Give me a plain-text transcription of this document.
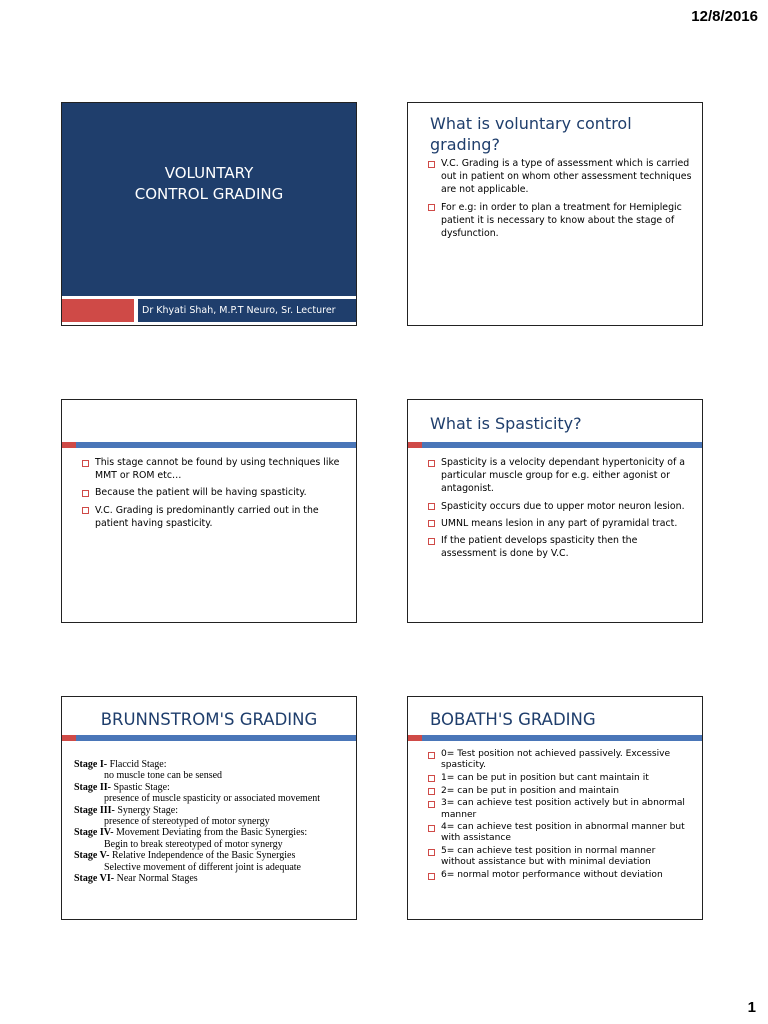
12/8/2016
VOLUNTARY
CONTROL GRADING
Dr Khyati Shah, M.P.T Neuro, Sr. Lecturer
What is voluntary control grading?
V.C. Grading is a type of assessment which is carried out in patient on whom other assessment techniques are not applicable.
For e.g: in order to plan a treatment for Hemiplegic patient it is necessary to know about the stage of dysfunction.
This stage cannot be found by using techniques like MMT or ROM etc…
Because the patient will be having spasticity.
V.C. Grading is predominantly carried out in the patient having spasticity.
What is Spasticity?
Spasticity is a velocity dependant hypertonicity of a particular muscle group for e.g. either agonist or antagonist.
Spasticity occurs due to upper motor neuron lesion.
UMNL means lesion in any part of pyramidal tract.
If the patient develops spasticity then the assessment is done by V.C.
BRUNNSTROM'S GRADING
Stage I- Flaccid Stage:
no muscle tone can be sensed
Stage II- Spastic Stage:
presence of muscle spasticity or associated movement
Stage III- Synergy Stage:
presence of stereotyped of motor synergy
Stage IV- Movement Deviating from the Basic Synergies:
Begin to break stereotyped of motor synergy
Stage V- Relative Independence of the Basic Synergies
Selective movement of different joint is adequate
Stage VI- Near Normal Stages
BOBATH'S GRADING
0= Test position not achieved passively. Excessive spasticity.
1= can be put in position but cant maintain it
2= can be put in position and maintain
3= can achieve test position actively but in abnormal manner
4= can achieve test position in abnormal manner but with assistance
5= can achieve test position in normal manner without assistance but with minimal deviation
6= normal motor performance without deviation
1
